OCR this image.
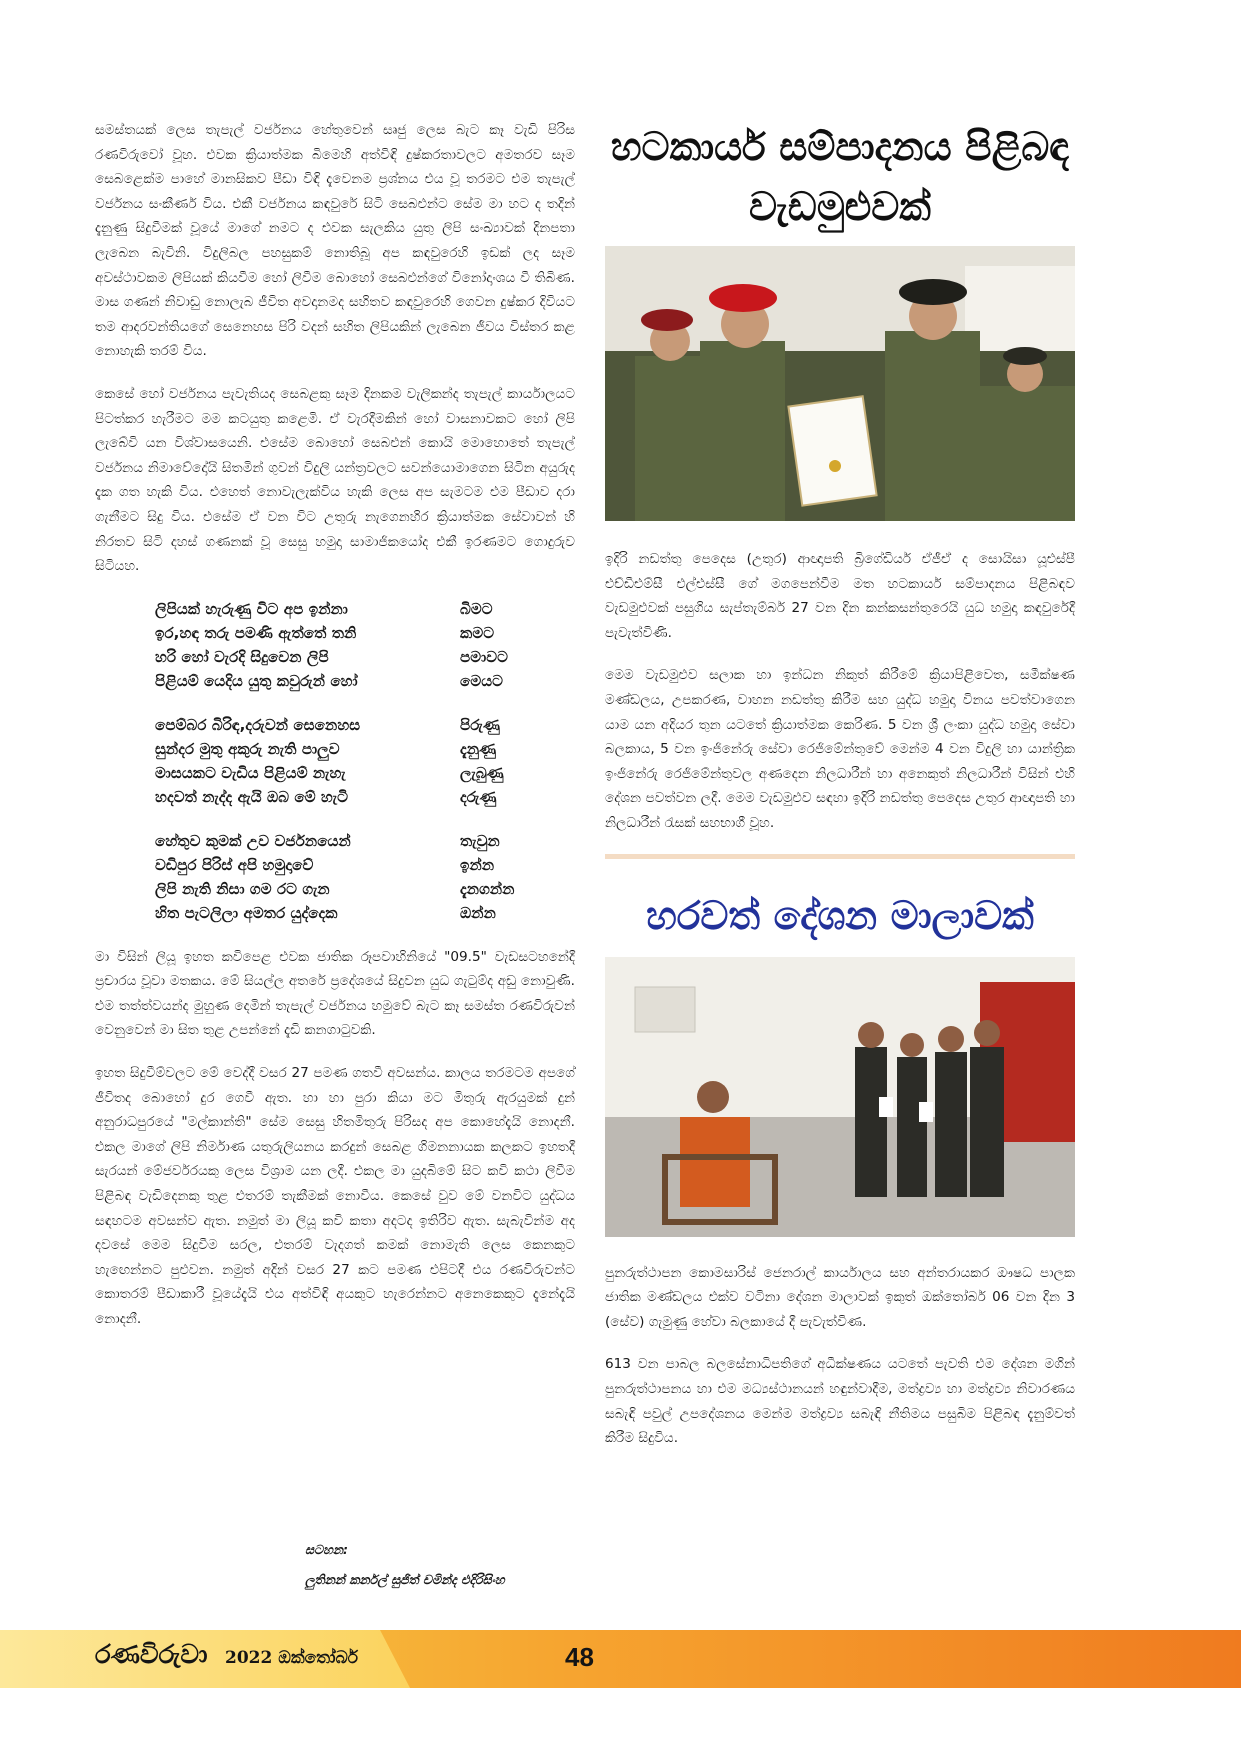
සමස්තයක් ලෙස තැපැල් වර්ජනය හේතුවෙන් සෘජු ලෙස බැට කෑ වැඩි පිරිස රණවිරුවෝ වූහ. එවක ක්‍රියාත්මක බිමෙහි අත්විඳි දුෂ්කරතාවලට අමතරව සෑම සෙබළෙක්ම පාහේ මානසිකව පීඩා විඳි දැවෙනම ප්‍රශ්නය එය වූ තරමට එම තැපැල් වර්ජනය සංකීර්ණ විය. එකී වර්ජනය කඳවුරේ සිටි සෙබළුන්ට සේම මා හට ද තදින් දැනුණු සිදුවීමක් වූයේ මාගේ නමට ද එවක සැලකිය යුතු ලිපි සංඛ්‍යාවක් දිනපතා ලැබෙන බැවිනි. විදුලිබල පහසුකම් නොතිබූ අප කඳවුරෙහි ඉඩක් ලද සෑම අවස්ථාවකම ලිපියක් කියවීම හෝ ලිවීම බොහෝ සෙබළුන්ගේ විනෝදාංශය වී තිබිණ. මාස ගණන් නිවාඩු නොලැබ ජීවිත අවදානමද සහිතව කඳවුරෙහි ගෙවන දුෂ්කර දිවියට තම ආදරවන්තියගේ සෙනෙහස පිරි වදන් සහිත ලිපියකින් ලැබෙන ජීවය විස්තර කළ නොහැකි තරම් විය.

කෙසේ හෝ වර්ජනය පැවැතියද සෙබළකු සෑම දිනකම වැලිකන්ද තැපැල් කාර්යාලයට පිටත්කර හැරීමට මම කටයුතු කළෙමි. ඒ වැරදීමකින් හෝ වාසනාවකට හෝ ලිපි ලැබේවි යන විශ්වාසයෙනි. එසේම බොහෝ සෙබළුන් කොයි මොහොතේ තැපැල් වර්ජනය නිමාවේදෝයි සිතමින් ගුවන් විදුලි යන්ත්‍රවලට සවන්යොමාගෙන සිටින අයුරුද දැක ගත හැකි විය. එහෙත් නොවැලැක්විය හැකි ලෙස අප සැමටම එම පීඩාව දරා ගැනීමට සිදු විය. එසේම ඒ වන විට උතුරු නැගෙනහිර ක්‍රියාත්මක සේවාවන් හි නිරතව සිටි දහස් ගණනක් වූ සෙසු හමුදා සාමාජිකයෝද එකී ඉරණමට ගොදුරුව සිටියහ.

ලිපියක් හැරුණු විට අප ඉන්නා	බිමට
ඉර,හඳ තරු පමණි ඇත්තේ තනි	කමට
හරි හෝ වැරදි සිදුවෙන ලිපි	පමාවට
පිළියම් යෙදිය යුතු කවුරුන් හෝ	මෙයට
පෙම්බර බිරිඳ,දරුවන් සෙනෙහස	පිරුණු
සුන්දර මුතු අකුරු නැති පාලුව	දැනුණු
මාසයකට වැඩිය පිළියම් නැහැ	ලැබුණු
හදවත් නැද්ද ඇයි ඔබ මේ හැටි	දරුණු
හේතුව කුමක් උව වර්ජනයෙන්	තැවුන
වඩිපුර පිරිස් අපි හමුදාවේ	ඉන්න
ලිපි නැති නිසා ගම රට ගැන	දැනගන්න
හිත පැටලිලා අමතර යුද්දෙක	ඔන්න

මා විසින් ලියූ ඉහත කවිපෙළ එවක ජාතික රූපවාහිනියේ "09.5" වැඩසටහනේදී ප්‍රචාරය වූවා මතකය. මේ සියල්ල අතරේ ප්‍රදේශයේ සිදුවන යුධ ගැටුම්ද අඩු නොවුණි. එම තත්ත්වයන්ද මුහුණ දෙමින් තැපැල් වර්ජනය හමුවේ බැට කෑ සමස්ත රණවිරුවන් වෙනුවෙන් මා සිත තුළ උපන්නේ දැඩි කනගාටුවකි.

ඉහත සිදුවීම්වලට මේ වෙද්දී වසර 27 පමණ ගතවී අවසන්ය. කාලය තරමටම අපගේ ජීවිතද බොහෝ දුර ගෙවී ඇත. හා හා පුරා කියා මට මිතුරු ඇරයුමක් දුන් අනුරාධපුරයේ "මල්කාන්ති" සේම සෙසු හිතමිතුරු පිරිසද අප කොහේදැයි නොදනී. එකල මාගේ ලිපි නිර්මාණ යතුරුලියනය කරදුන් සෙබළ ගිමනනායක කලකට ඉහතදී සැරයන් මේජර්වරයකු ලෙස විශ්‍රාම යන ලදී. එකල මා යුදබිමේ සිට කවි කථා ලිවීම පිළිබඳ වැඩිදෙනකු තුළ එතරම් තැකීමක් නොවීය. කෙසේ වුව මේ වනවිට යුද්ධය සඳහටම අවසන්ව ඇත. නමුත් මා ලියූ කවි කතා අදටද ඉතිරිව ඇත. සැබැවින්ම අද දවසේ මෙම සිදුවීම සරල, එතරම් වැදගත් කමක් නොමැති ලෙස කෙනකුට හැඟෙන්නට පුළුවන. නමුත් අදින් වසර 27 කට පමණ එපිටදී එය රණවිරුවන්ට කොතරම් පීඩාකාරී වූයේදැයි එය අත්විඳි අයකුට හැරෙන්නට අනෙකෙකුට දැනේදැයි නොදනී.

සටහන:
ලුතිනන් කර්නල් සුජිත් චමින්ද එදිරිසිංහ
හටකාර්ය සම්පාදනය පිළිබඳ
වැඩමුළුවක්

ඉදිරි නඩත්තු පෙදෙස (උතුර) ආඥාපති බ්‍රිගේඩියර් ඒජීඒ ද සොයිසා යූඑස්පී එච්ඩීඑම්සී එල්එස්සී ගේ මගපෙන්වීම මත හටකාර්ය සම්පාදනය පිළිබඳව වැඩමුළුවක් පසුගිය සැප්තැම්බර් 27 වන දින කන්කසන්තුරෙයි යුධ හමුදා කඳවුරේදී පැවැත්විණි.

මෙම වැඩමුළුව සලාක හා ඉන්ධන නිකුත් කිරීමේ ක්‍රියාපිළිවෙත, සමීක්ෂණ මණ්ඩලය, උපකරණ, වාහන නඩත්තු කිරීම සහ යුද්ධ හමුදා විනය පවත්වාගෙන යාම යන අදියර තුන යටතේ ක්‍රියාත්මක කෙරිණ. 5 වන ශ්‍රී ලංකා යුද්ධ හමුදා සේවා බලකාය, 5 වන ඉංජිනේරු සේවා රෙජිමේන්තුවේ මෙන්ම 4 වන විදුලි හා යාන්ත්‍රික ඉංජිනේරු රෙජිමේන්තුවල අණදෙන නිලධාරීන් හා අනෙකුත් නිලධාරීන් විසින් එහි දේශන පවත්වන ලදී. මෙම වැඩමුළුව සඳහා ඉදිරි නඩත්තු පෙදෙස උතුර ආඥාපති හා නිලධාරීන් රැසක් සහභාගී වූහ.

හරවත් දේශන මාලාවක්

පුනරුත්ථාපන කොමසාරිස් ජෙනරාල් කාර්යාලය සහ අන්තරායකර ඖෂධ පාලක ජාතික මණ්ඩලය එක්ව වටිනා දේශන මාලාවක් ඉකුත් ඔක්තෝබර් 06 වන දින 3 (සේව) ගැමුණු හේවා බලකායේ දී පැවැත්විණ.

613 වන පාබල බලසේනාධිපතිගේ අධීක්ෂණය යටතේ පැවති එම දේශන මගින් පුනරුත්ථාපනය හා එම මධ්‍යස්ථානයන් හඳුන්වාදීම, මත්ද්‍රව්‍ය හා මත්ද්‍රව්‍ය නිවාරණය සබැඳි පවුල් උපදේශනය මෙන්ම මත්ද්‍රව්‍ය සබැඳි නීතිමය පසුබිම පිළිබඳ දැනුම්වත් කිරීම සිදුවිය.

රණවිරුවා 2022 ඔක්තෝබර්	48
